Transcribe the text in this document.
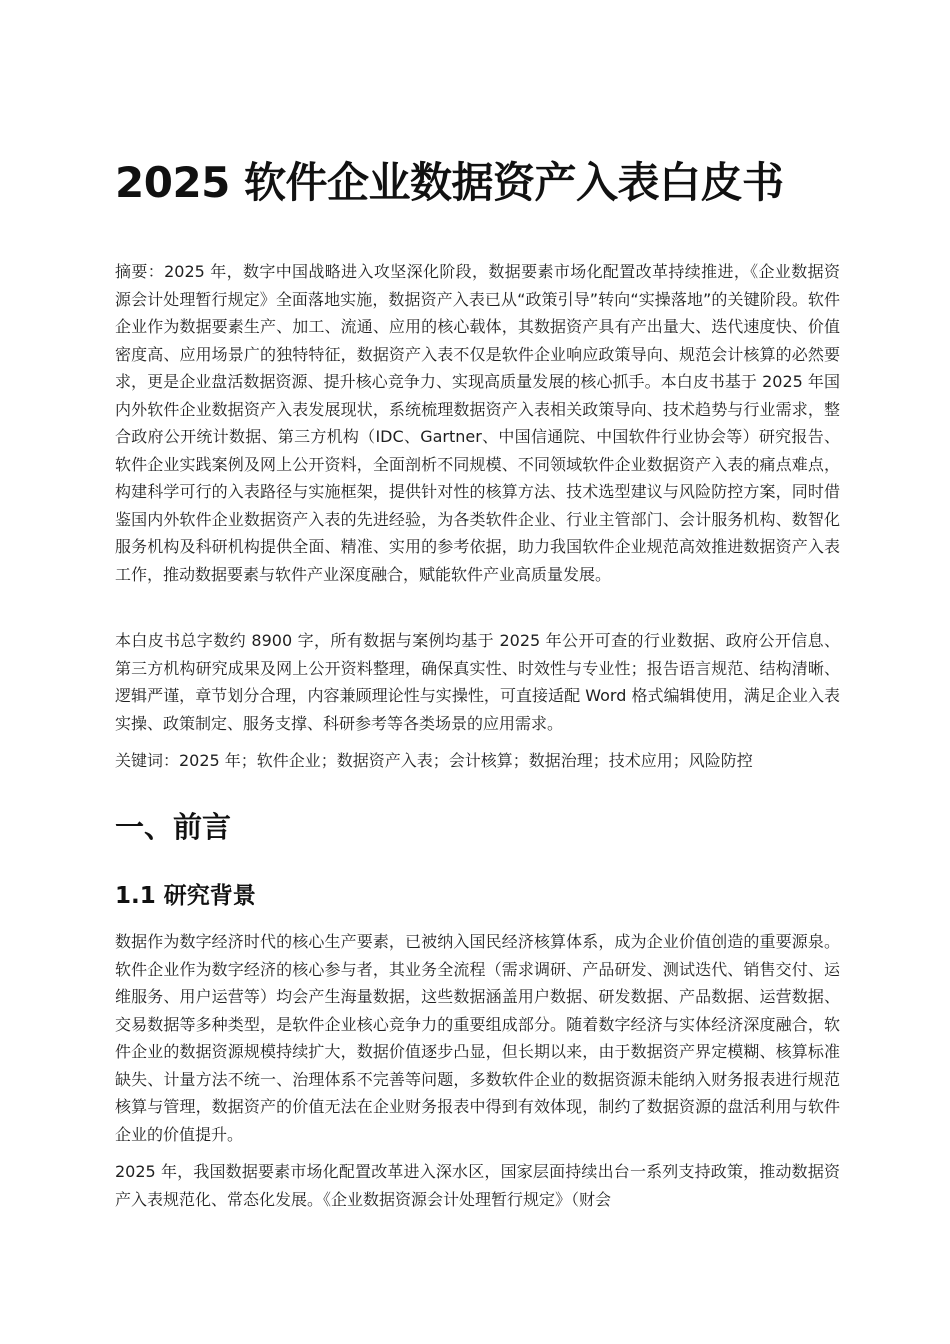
2025 软件企业数据资产入表白皮书

摘要：2025 年，数字中国战略进入攻坚深化阶段，数据要素市场化配置改革持续推进，《企业数据资源会计处理暂行规定》全面落地实施，数据资产入表已从“政策引导”转向“实操落地”的关键阶段。软件企业作为数据要素生产、加工、流通、应用的核心载体，其数据资产具有产出量大、迭代速度快、价值密度高、应用场景广的独特特征，数据资产入表不仅是软件企业响应政策导向、规范会计核算的必然要求，更是企业盘活数据资源、提升核心竞争力、实现高质量发展的核心抓手。本白皮书基于 2025 年国内外软件企业数据资产入表发展现状，系统梳理数据资产入表相关政策导向、技术趋势与行业需求，整合政府公开统计数据、第三方机构（IDC、Gartner、中国信通院、中国软件行业协会等）研究报告、软件企业实践案例及网上公开资料，全面剖析不同规模、不同领域软件企业数据资产入表的痛点难点，构建科学可行的入表路径与实施框架，提供针对性的核算方法、技术选型建议与风险防控方案，同时借鉴国内外软件企业数据资产入表的先进经验，为各类软件企业、行业主管部门、会计服务机构、数智化服务机构及科研机构提供全面、精准、实用的参考依据，助力我国软件企业规范高效推进数据资产入表工作，推动数据要素与软件产业深度融合，赋能软件产业高质量发展。

本白皮书总字数约 8900 字，所有数据与案例均基于 2025 年公开可查的行业数据、政府公开信息、第三方机构研究成果及网上公开资料整理，确保真实性、时效性与专业性；报告语言规范、结构清晰、逻辑严谨，章节划分合理，内容兼顾理论性与实操性，可直接适配 Word 格式编辑使用，满足企业入表实操、政策制定、服务支撑、科研参考等各类场景的应用需求。

关键词：2025 年；软件企业；数据资产入表；会计核算；数据治理；技术应用；风险防控

一、前言
1.1 研究背景

数据作为数字经济时代的核心生产要素，已被纳入国民经济核算体系，成为企业价值创造的重要源泉。软件企业作为数字经济的核心参与者，其业务全流程（需求调研、产品研发、测试迭代、销售交付、运维服务、用户运营等）均会产生海量数据，这些数据涵盖用户数据、研发数据、产品数据、运营数据、交易数据等多种类型，是软件企业核心竞争力的重要组成部分。随着数字经济与实体经济深度融合，软件企业的数据资源规模持续扩大，数据价值逐步凸显，但长期以来，由于数据资产界定模糊、核算标准缺失、计量方法不统一、治理体系不完善等问题，多数软件企业的数据资源未能纳入财务报表进行规范核算与管理，数据资产的价值无法在企业财务报表中得到有效体现，制约了数据资源的盘活利用与软件企业的价值提升。

2025 年，我国数据要素市场化配置改革进入深水区，国家层面持续出台一系列支持政策，推动数据资产入表规范化、常态化发展。《企业数据资源会计处理暂行规定》（财会
